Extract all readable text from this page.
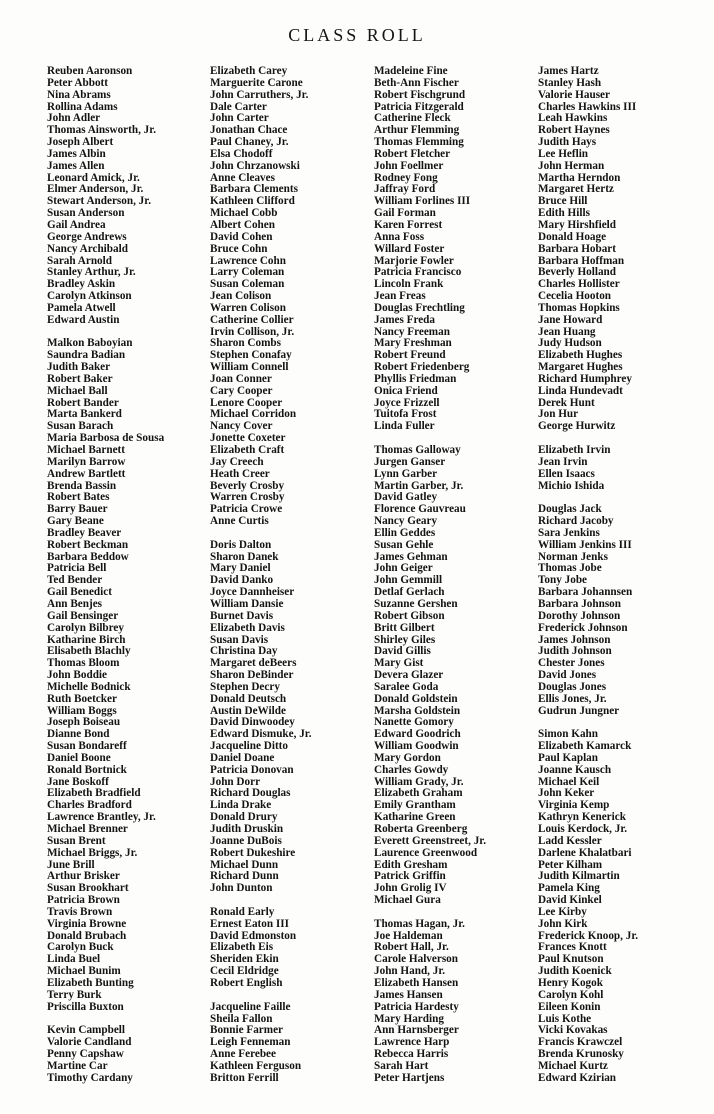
CLASS ROLL
Reuben Aaronson
Peter Abbott
Nina Abrams
Rollina Adams
John Adler
Thomas Ainsworth, Jr.
Joseph Albert
James Albin
James Allen
Leonard Amick, Jr.
Elmer Anderson, Jr.
Stewart Anderson, Jr.
Susan Anderson
Gail Andrea
George Andrews
Nancy Archibald
Sarah Arnold
Stanley Arthur, Jr.
Bradley Askin
Carolyn Atkinson
Pamela Atwell
Edward Austin
Malkon Baboyian
Saundra Badian
Judith Baker
Robert Baker
Michael Ball
Robert Bander
Marta Bankerd
Susan Barach
Maria Barbosa de Sousa
Michael Barnett
Marilyn Barrow
Andrew Bartlett
Brenda Bassin
Robert Bates
Barry Bauer
Gary Beane
Bradley Beaver
Robert Beckman
Barbara Beddow
Patricia Bell
Ted Bender
Gail Benedict
Ann Benjes
Gail Bensinger
Carolyn Bilbrey
Katharine Birch
Elisabeth Blachly
Thomas Bloom
John Boddie
Michelle Bodnick
Ruth Boetcker
William Boggs
Joseph Boiseau
Dianne Bond
Susan Bondareff
Daniel Boone
Ronald Bortnick
Jane Boskoff
Elizabeth Bradfield
Charles Bradford
Lawrence Brantley, Jr.
Michael Brenner
Susan Brent
Michael Briggs, Jr.
June Brill
Arthur Brisker
Susan Brookhart
Patricia Brown
Travis Brown
Virginia Browne
Donald Brubach
Carolyn Buck
Linda Buel
Michael Bunim
Elizabeth Bunting
Terry Burk
Priscilla Buxton
Kevin Campbell
Valorie Candland
Penny Capshaw
Martine Car
Timothy Cardany
Elizabeth Carey
Marguerite Carone
John Carruthers, Jr.
Dale Carter
John Carter
Jonathan Chace
Paul Chaney, Jr.
Elsa Chodoff
John Chrzanowski
Anne Cleaves
Barbara Clements
Kathleen Clifford
Michael Cobb
Albert Cohen
David Cohen
Bruce Cohn
Lawrence Cohn
Larry Coleman
Susan Coleman
Jean Colison
Warren Colison
Catherine Collier
Irvin Collison, Jr.
Sharon Combs
Stephen Conafay
William Connell
Joan Conner
Cary Cooper
Lenore Cooper
Michael Corridon
Nancy Cover
Jonette Coxeter
Elizabeth Craft
Jay Creech
Heath Creer
Beverly Crosby
Warren Crosby
Patricia Crowe
Anne Curtis
Doris Dalton
Sharon Danek
Mary Daniel
David Danko
Joyce Dannheiser
William Dansie
Burnet Davis
Elizabeth Davis
Susan Davis
Christina Day
Margaret deBeers
Sharon DeBinder
Stephen Decry
Donald Deutsch
Austin DeWilde
David Dinwoodey
Edward Dismuke, Jr.
Jacqueline Ditto
Daniel Doane
Patricia Donovan
John Dorr
Richard Douglas
Linda Drake
Donald Drury
Judith Druskin
Joanne DuBois
Robert Dukeshire
Michael Dunn
Richard Dunn
John Dunton
Ronald Early
Ernest Eaton III
David Edmonston
Elizabeth Eis
Sheriden Ekin
Cecil Eldridge
Robert English
Jacqueline Faille
Sheila Fallon
Bonnie Farmer
Leigh Fenneman
Anne Ferebee
Kathleen Ferguson
Britton Ferrill
Madeleine Fine
Beth-Ann Fischer
Robert Fischgrund
Patricia Fitzgerald
Catherine Fleck
Arthur Flemming
Thomas Flemming
Robert Fletcher
John Foellmer
Rodney Fong
Jaffray Ford
William Forlines III
Gail Forman
Karen Forrest
Anna Foss
Willard Foster
Marjorie Fowler
Patricia Francisco
Lincoln Frank
Jean Freas
Douglas Frechtling
James Freda
Nancy Freeman
Mary Freshman
Robert Freund
Robert Friedenberg
Phyllis Friedman
Onica Friend
Joyce Frizzell
Tuitofa Frost
Linda Fuller
Thomas Galloway
Jurgen Ganser
Lynn Garber
Martin Garber, Jr.
David Gatley
Florence Gauvreau
Nancy Geary
Ellin Geddes
Susan Gehle
James Gehman
John Geiger
John Gemmill
Detlaf Gerlach
Suzanne Gershen
Robert Gibson
Britt Gilbert
Shirley Giles
David Gillis
Mary Gist
Devera Glazer
Saralee Goda
Donald Goldstein
Marsha Goldstein
Nanette Gomory
Edward Goodrich
William Goodwin
Mary Gordon
Charles Gowdy
William Grady, Jr.
Elizabeth Graham
Emily Grantham
Katharine Green
Roberta Greenberg
Everett Greenstreet, Jr.
Laurence Greenwood
Edith Gresham
Patrick Griffin
John Grolig IV
Michael Gura
Thomas Hagan, Jr.
Joe Haldeman
Robert Hall, Jr.
Carole Halverson
John Hand, Jr.
Elizabeth Hansen
James Hansen
Patricia Hardesty
Mary Harding
Ann Harnsberger
Lawrence Harp
Rebecca Harris
Sarah Hart
Peter Hartjens
James Hartz
Stanley Hash
Valorie Hauser
Charles Hawkins III
Leah Hawkins
Robert Haynes
Judith Hays
Lee Heflin
John Herman
Martha Herndon
Margaret Hertz
Bruce Hill
Edith Hills
Mary Hirshfield
Donald Hoage
Barbara Hobart
Barbara Hoffman
Beverly Holland
Charles Hollister
Cecelia Hooton
Thomas Hopkins
Jane Howard
Jean Huang
Judy Hudson
Elizabeth Hughes
Margaret Hughes
Richard Humphrey
Linda Hundevadt
Derek Hunt
Jon Hur
George Hurwitz
Elizabeth Irvin
Jean Irvin
Ellen Isaacs
Michio Ishida
Douglas Jack
Richard Jacoby
Sara Jenkins
William Jenkins III
Norman Jenks
Thomas Jobe
Tony Jobe
Barbara Johannsen
Barbara Johnson
Dorothy Johnson
Frederick Johnson
James Johnson
Judith Johnson
Chester Jones
David Jones
Douglas Jones
Ellis Jones, Jr.
Gudrun Jungner
Simon Kahn
Elizabeth Kamarck
Paul Kaplan
Joanne Kausch
Michael Keil
John Keker
Virginia Kemp
Kathryn Kenerick
Louis Kerdock, Jr.
Ladd Kessler
Darlene Khalatbari
Peter Kilham
Judith Kilmartin
Pamela King
David Kinkel
Lee Kirby
John Kirk
Frederick Knoop, Jr.
Frances Knott
Paul Knutson
Judith Koenick
Henry Kogok
Carolyn Kohl
Eileen Konin
Luis Kothe
Vicki Kovakas
Francis Krawczel
Brenda Krunosky
Michael Kurtz
Edward Kzirian
